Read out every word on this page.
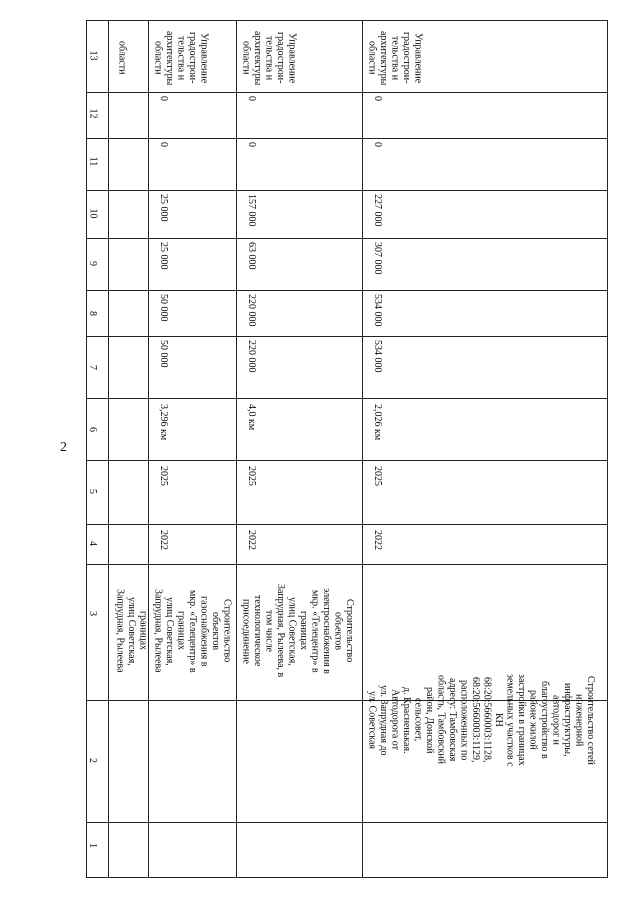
2
1
2
3
4
5
6
7
8
9
10
11
12
13
границах
улиц Советская,
Запрудная, Рылеева
области
Строительство
объектов
газоснабжения в
мкр. «Телецентр» в
границах
улиц Советская,
Запрудная, Рылеева
2022
2025
3,296 км
50 000
50 000
25 000
25 000
0
0
Управление
градострои-
тельства и
архитектуры
области
Строительство
объектов
электроснабжения в
мкр. «Телецентр» в
границах
улиц Советская,
Запрудная, Рылеева, в
том числе
технологическое
присоединение
2022
2025
4,0 км
220 000
220 000
63 000
157 000
0
0
Управление
градострои-
тельства и
архитектуры
области
Строительство сетей
инженерной
инфраструктуры,
автодорог и
благоустройство в
районе жилой
застройки в границах
земельных участков с
КН
68:20:5660003:1128,
68:20:5660003:1129,
расположенных по
адресу: Тамбовская
область, Тамбовский
район, Донской
сельсовет,
д. Красненькая.
Автодорога от
ул. Запрудная до
ул. Советская
2022
2025
2,026 км
534 000
534 000
307 000
227 000
0
0
Управление
градострои-
тельства и
архитектуры
области
